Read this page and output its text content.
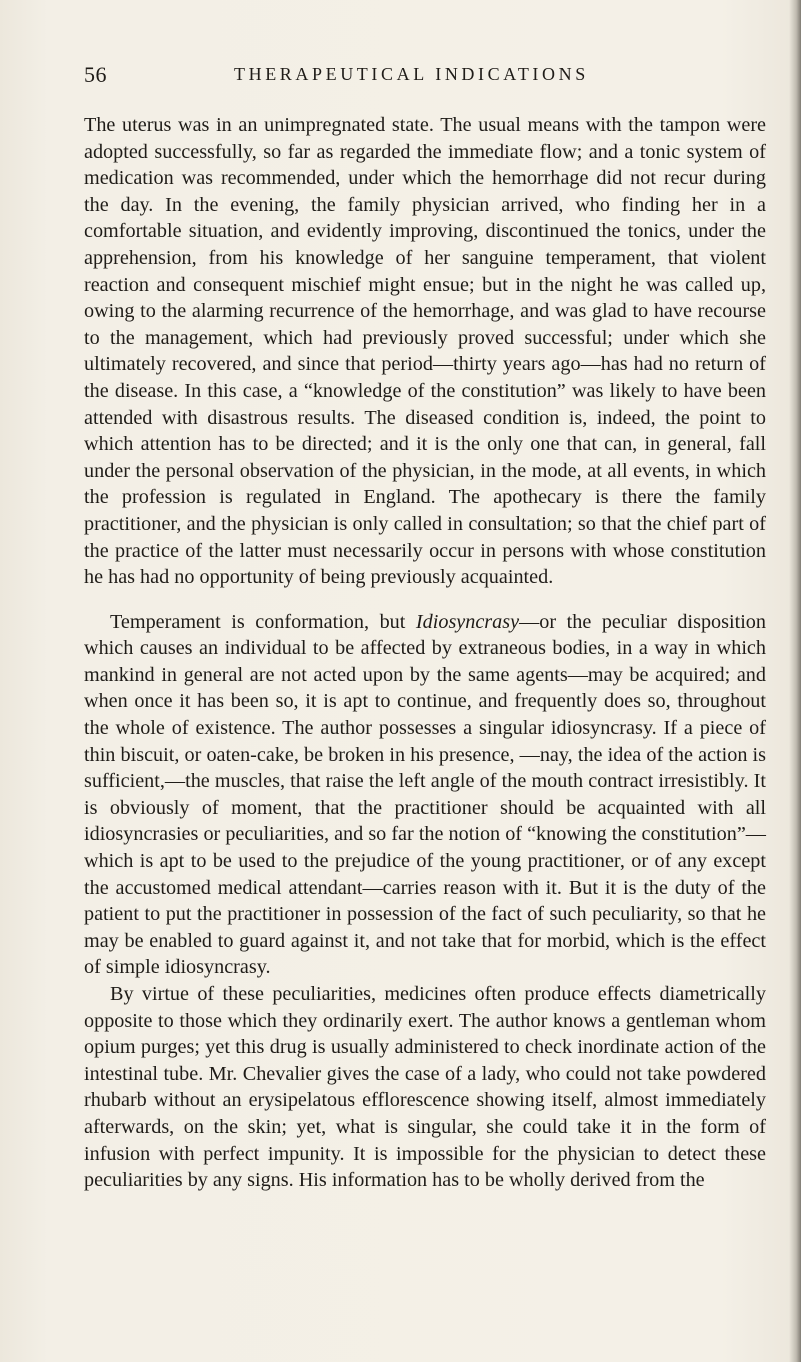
56	THERAPEUTICAL INDICATIONS

The uterus was in an unimpregnated state. The usual means with the tampon were adopted successfully, so far as regarded the immediate flow; and a tonic system of medication was recommended, under which the hemorrhage did not recur during the day. In the evening, the family physician arrived, who finding her in a comfortable situation, and evidently improving, discontinued the tonics, under the apprehension, from his knowledge of her sanguine temperament, that violent reaction and consequent mischief might ensue; but in the night he was called up, owing to the alarming recurrence of the hemorrhage, and was glad to have recourse to the management, which had previously proved successful; under which she ultimately recovered, and since that period—thirty years ago—has had no return of the disease. In this case, a “knowledge of the constitution” was likely to have been attended with disastrous results. The diseased condition is, indeed, the point to which attention has to be directed; and it is the only one that can, in general, fall under the personal observation of the physician, in the mode, at all events, in which the profession is regulated in England. The apothecary is there the family practitioner, and the physician is only called in consultation; so that the chief part of the practice of the latter must necessarily occur in persons with whose constitution he has had no opportunity of being previously acquainted.

Temperament is conformation, but Idiosyncrasy—or the peculiar disposition which causes an individual to be affected by extraneous bodies, in a way in which mankind in general are not acted upon by the same agents—may be acquired; and when once it has been so, it is apt to continue, and frequently does so, throughout the whole of existence. The author possesses a singular idiosyncrasy. If a piece of thin biscuit, or oaten-cake, be broken in his presence, —nay, the idea of the action is sufficient,—the muscles, that raise the left angle of the mouth contract irresistibly. It is obviously of moment, that the practitioner should be acquainted with all idiosyncrasies or peculiarities, and so far the notion of “knowing the constitution”—which is apt to be used to the prejudice of the young practitioner, or of any except the accustomed medical attendant—carries reason with it. But it is the duty of the patient to put the practitioner in possession of the fact of such peculiarity, so that he may be enabled to guard against it, and not take that for morbid, which is the effect of simple idiosyncrasy.

By virtue of these peculiarities, medicines often produce effects diametrically opposite to those which they ordinarily exert. The author knows a gentleman whom opium purges; yet this drug is usually administered to check inordinate action of the intestinal tube. Mr. Chevalier gives the case of a lady, who could not take powdered rhubarb without an erysipelatous efflorescence showing itself, almost immediately afterwards, on the skin; yet, what is singular, she could take it in the form of infusion with perfect impunity. It is impossible for the physician to detect these peculiarities by any signs. His information has to be wholly derived from the
